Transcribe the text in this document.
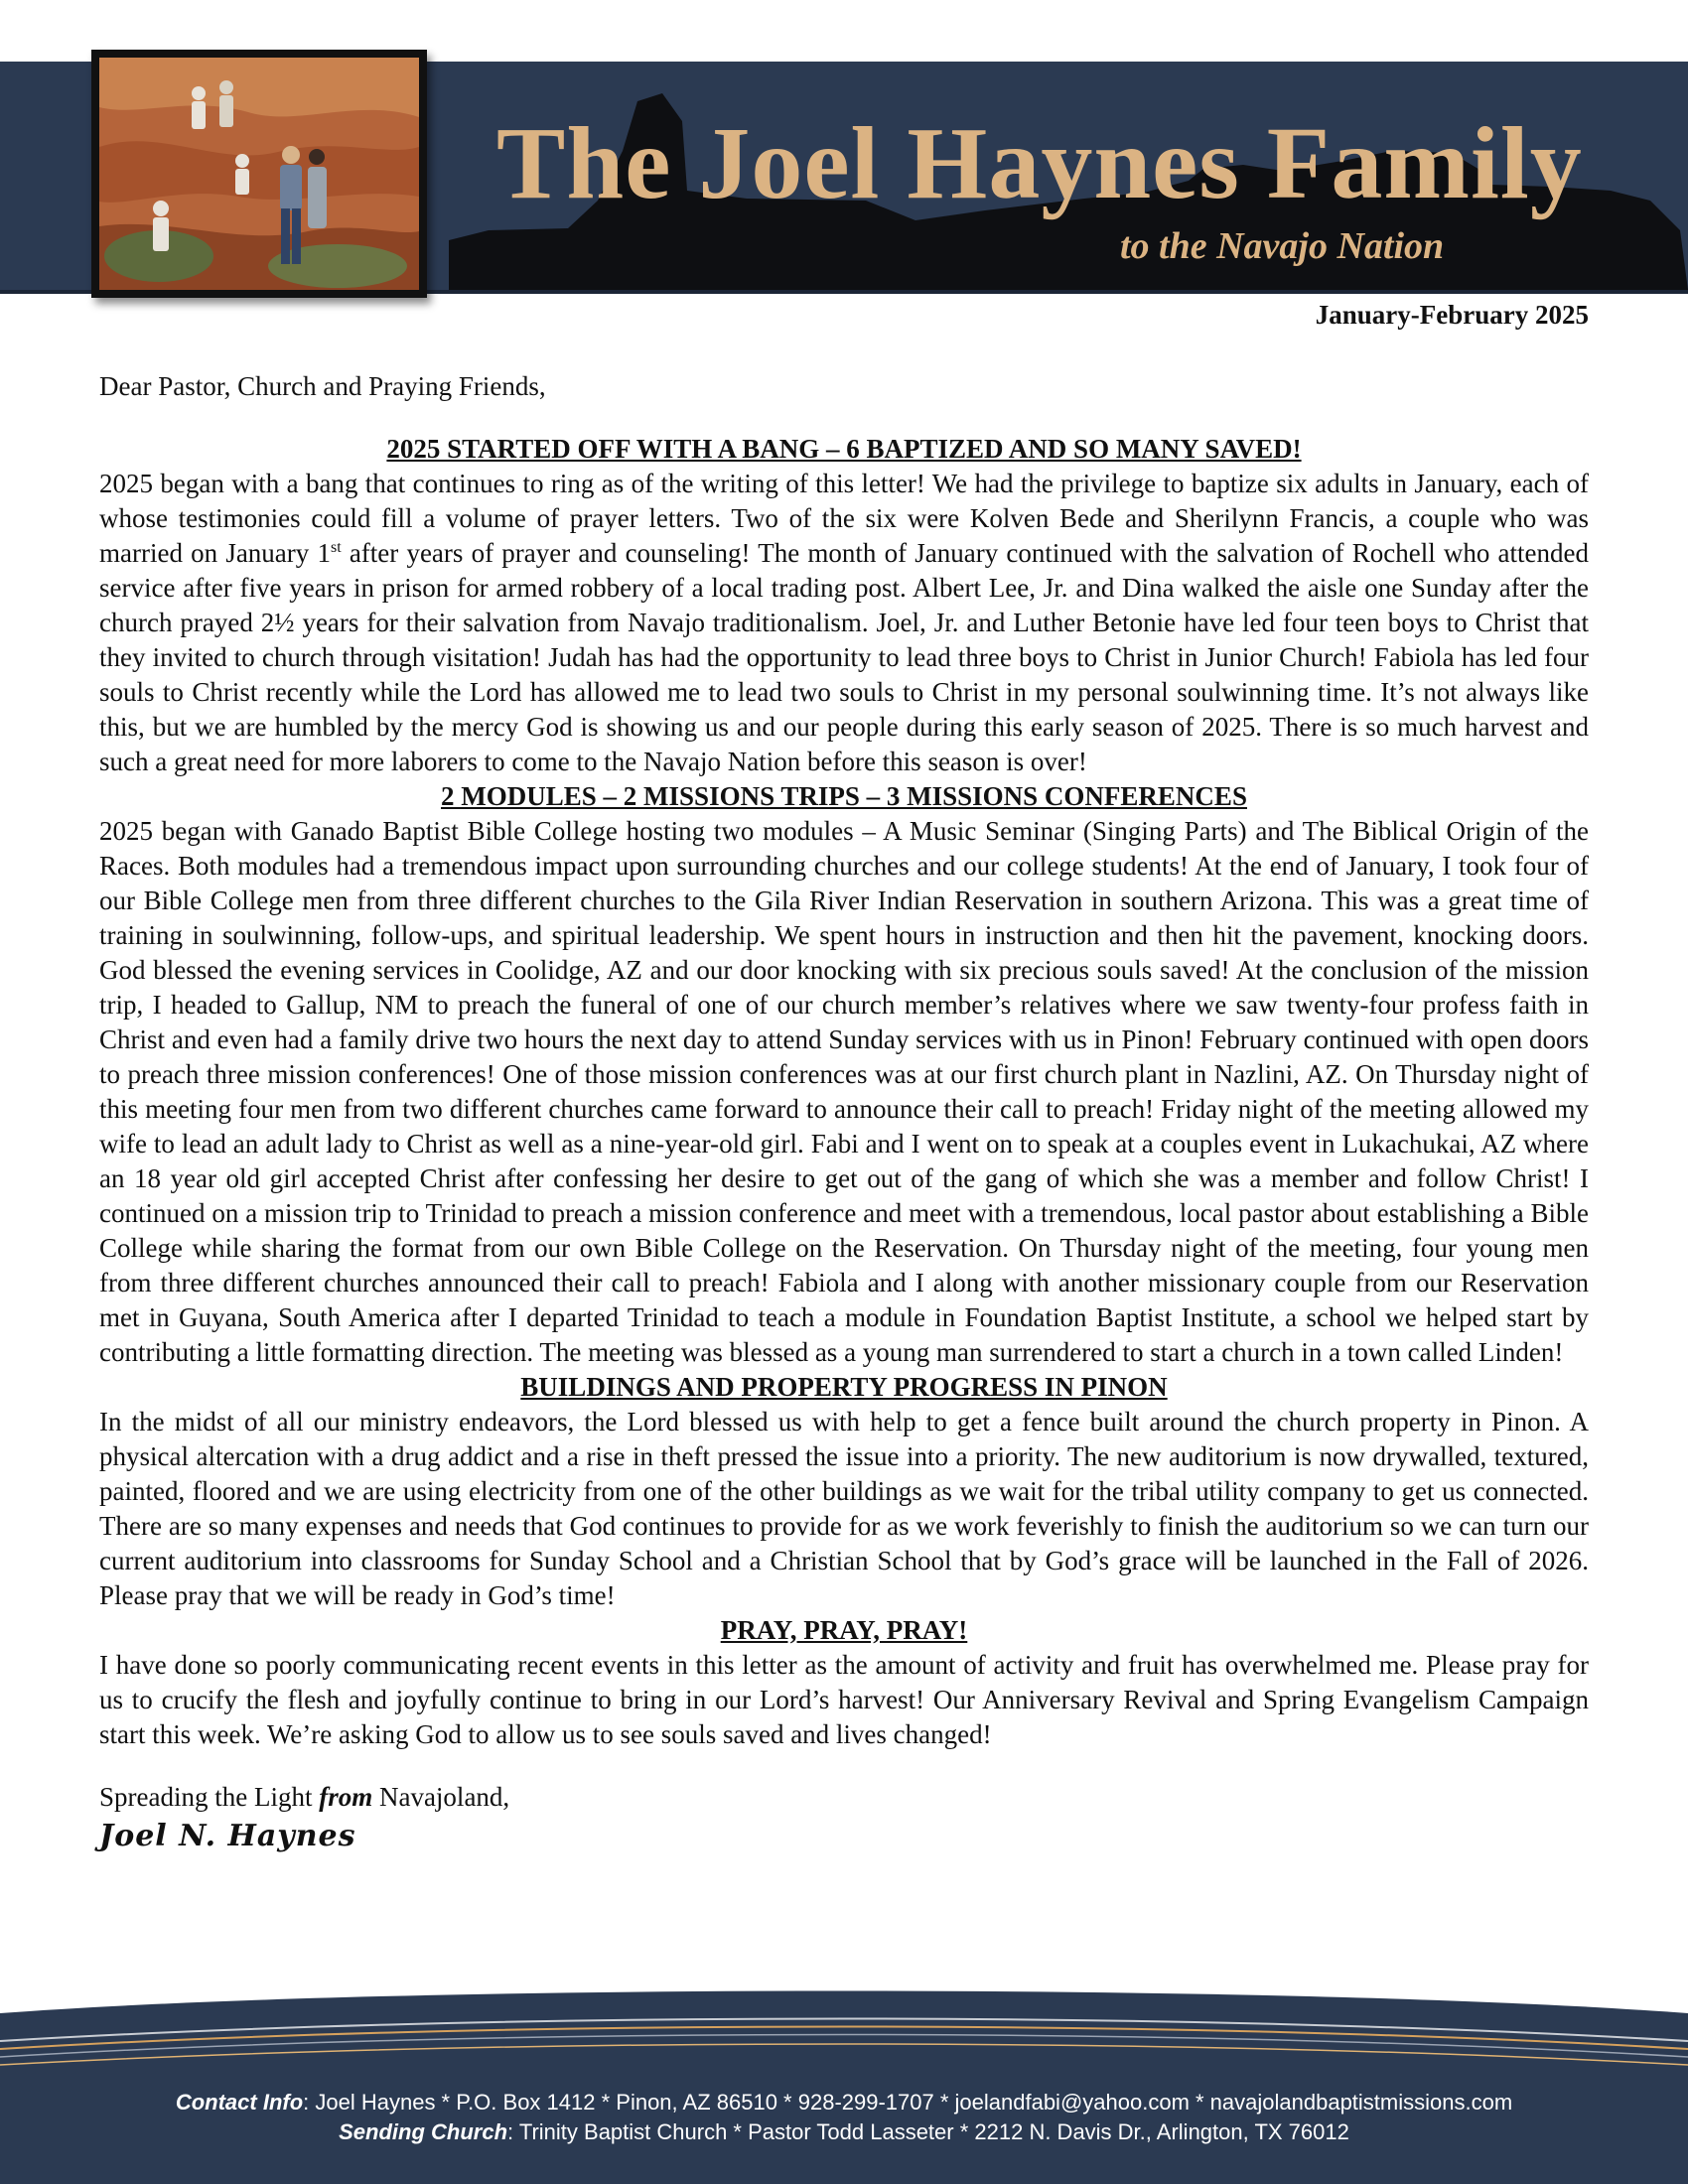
The Joel Haynes Family
to the Navajo Nation
January-February 2025

Dear Pastor, Church and Praying Friends,

2025 STARTED OFF WITH A BANG – 6 BAPTIZED AND SO MANY SAVED!

2025 began with a bang that continues to ring as of the writing of this letter! We had the privilege to baptize six adults in January, each of whose testimonies could fill a volume of prayer letters. Two of the six were Kolven Bede and Sherilynn Francis, a couple who was married on January 1st after years of prayer and counseling! The month of January continued with the salvation of Rochell who attended service after five years in prison for armed robbery of a local trading post. Albert Lee, Jr. and Dina walked the aisle one Sunday after the church prayed 2½ years for their salvation from Navajo traditionalism. Joel, Jr. and Luther Betonie have led four teen boys to Christ that they invited to church through visitation! Judah has had the opportunity to lead three boys to Christ in Junior Church! Fabiola has led four souls to Christ recently while the Lord has allowed me to lead two souls to Christ in my personal soulwinning time. It’s not always like this, but we are humbled by the mercy God is showing us and our people during this early season of 2025. There is so much harvest and such a great need for more laborers to come to the Navajo Nation before this season is over!

2 MODULES – 2 MISSIONS TRIPS – 3 MISSIONS CONFERENCES

2025 began with Ganado Baptist Bible College hosting two modules – A Music Seminar (Singing Parts) and The Biblical Origin of the Races. Both modules had a tremendous impact upon surrounding churches and our college students! At the end of January, I took four of our Bible College men from three different churches to the Gila River Indian Reservation in southern Arizona. This was a great time of training in soulwinning, follow-ups, and spiritual leadership. We spent hours in instruction and then hit the pavement, knocking doors. God blessed the evening services in Coolidge, AZ and our door knocking with six precious souls saved! At the conclusion of the mission trip, I headed to Gallup, NM to preach the funeral of one of our church member’s relatives where we saw twenty-four profess faith in Christ and even had a family drive two hours the next day to attend Sunday services with us in Pinon! February continued with open doors to preach three mission conferences! One of those mission conferences was at our first church plant in Nazlini, AZ. On Thursday night of this meeting four men from two different churches came forward to announce their call to preach! Friday night of the meeting allowed my wife to lead an adult lady to Christ as well as a nine-year-old girl. Fabi and I went on to speak at a couples event in Lukachukai, AZ where an 18 year old girl accepted Christ after confessing her desire to get out of the gang of which she was a member and follow Christ! I continued on a mission trip to Trinidad to preach a mission conference and meet with a tremendous, local pastor about establishing a Bible College while sharing the format from our own Bible College on the Reservation. On Thursday night of the meeting, four young men from three different churches announced their call to preach! Fabiola and I along with another missionary couple from our Reservation met in Guyana, South America after I departed Trinidad to teach a module in Foundation Baptist Institute, a school we helped start by contributing a little formatting direction. The meeting was blessed as a young man surrendered to start a church in a town called Linden!

BUILDINGS AND PROPERTY PROGRESS IN PINON

In the midst of all our ministry endeavors, the Lord blessed us with help to get a fence built around the church property in Pinon. A physical altercation with a drug addict and a rise in theft pressed the issue into a priority. The new auditorium is now drywalled, textured, painted, floored and we are using electricity from one of the other buildings as we wait for the tribal utility company to get us connected. There are so many expenses and needs that God continues to provide for as we work feverishly to finish the auditorium so we can turn our current auditorium into classrooms for Sunday School and a Christian School that by God’s grace will be launched in the Fall of 2026. Please pray that we will be ready in God’s time!

PRAY, PRAY, PRAY!

I have done so poorly communicating recent events in this letter as the amount of activity and fruit has overwhelmed me. Please pray for us to crucify the flesh and joyfully continue to bring in our Lord’s harvest! Our Anniversary Revival and Spring Evangelism Campaign start this week. We’re asking God to allow us to see souls saved and lives changed!

Spreading the Light from Navajoland,

Joel N. Haynes
Contact Info: Joel Haynes * P.O. Box 1412 * Pinon, AZ 86510 * 928-299-1707 * joelandfabi@yahoo.com * navajolandbaptistmissions.com
Sending Church: Trinity Baptist Church * Pastor Todd Lasseter * 2212 N. Davis Dr., Arlington, TX 76012
